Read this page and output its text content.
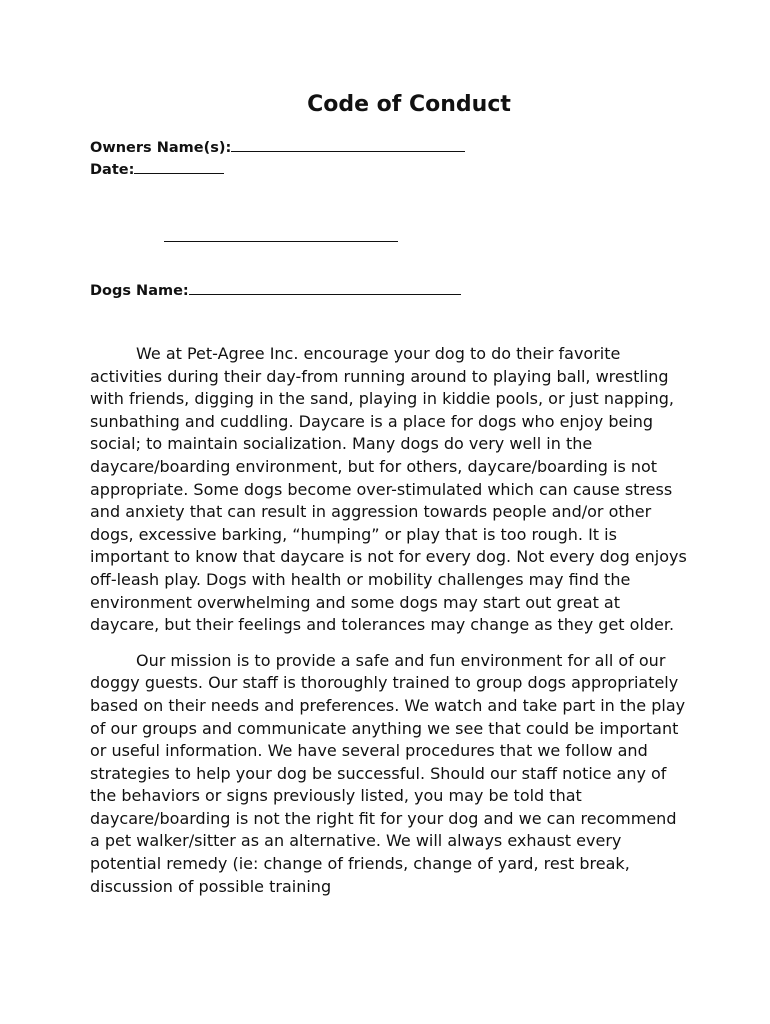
Code of Conduct
Owners Name(s):
Date:
Dogs Name:

We at Pet-Agree Inc. encourage your dog to do their favorite activities during their day-from running around to playing ball, wrestling with friends, digging in the sand, playing in kiddie pools, or just napping, sunbathing and cuddling. Daycare is a place for dogs who enjoy being social; to maintain socialization. Many dogs do very well in the daycare/boarding environment, but for others, daycare/boarding is not appropriate. Some dogs become over-stimulated which can cause stress and anxiety that can result in aggression towards people and/or other dogs, excessive barking, “humping” or play that is too rough. It is important to know that daycare is not for every dog. Not every dog enjoys off-leash play. Dogs with health or mobility challenges may find the environment overwhelming and some dogs may start out great at daycare, but their feelings and tolerances may change as they get older.

Our mission is to provide a safe and fun environment for all of our doggy guests. Our staff is thoroughly trained to group dogs appropriately based on their needs and preferences. We watch and take part in the play of our groups and communicate anything we see that could be important or useful information. We have several procedures that we follow and strategies to help your dog be successful. Should our staff notice any of the behaviors or signs previously listed, you may be told that daycare/boarding is not the right fit for your dog and we can recommend a pet walker/sitter as an alternative. We will always exhaust every potential remedy (ie: change of friends, change of yard, rest break, discussion of possible training
